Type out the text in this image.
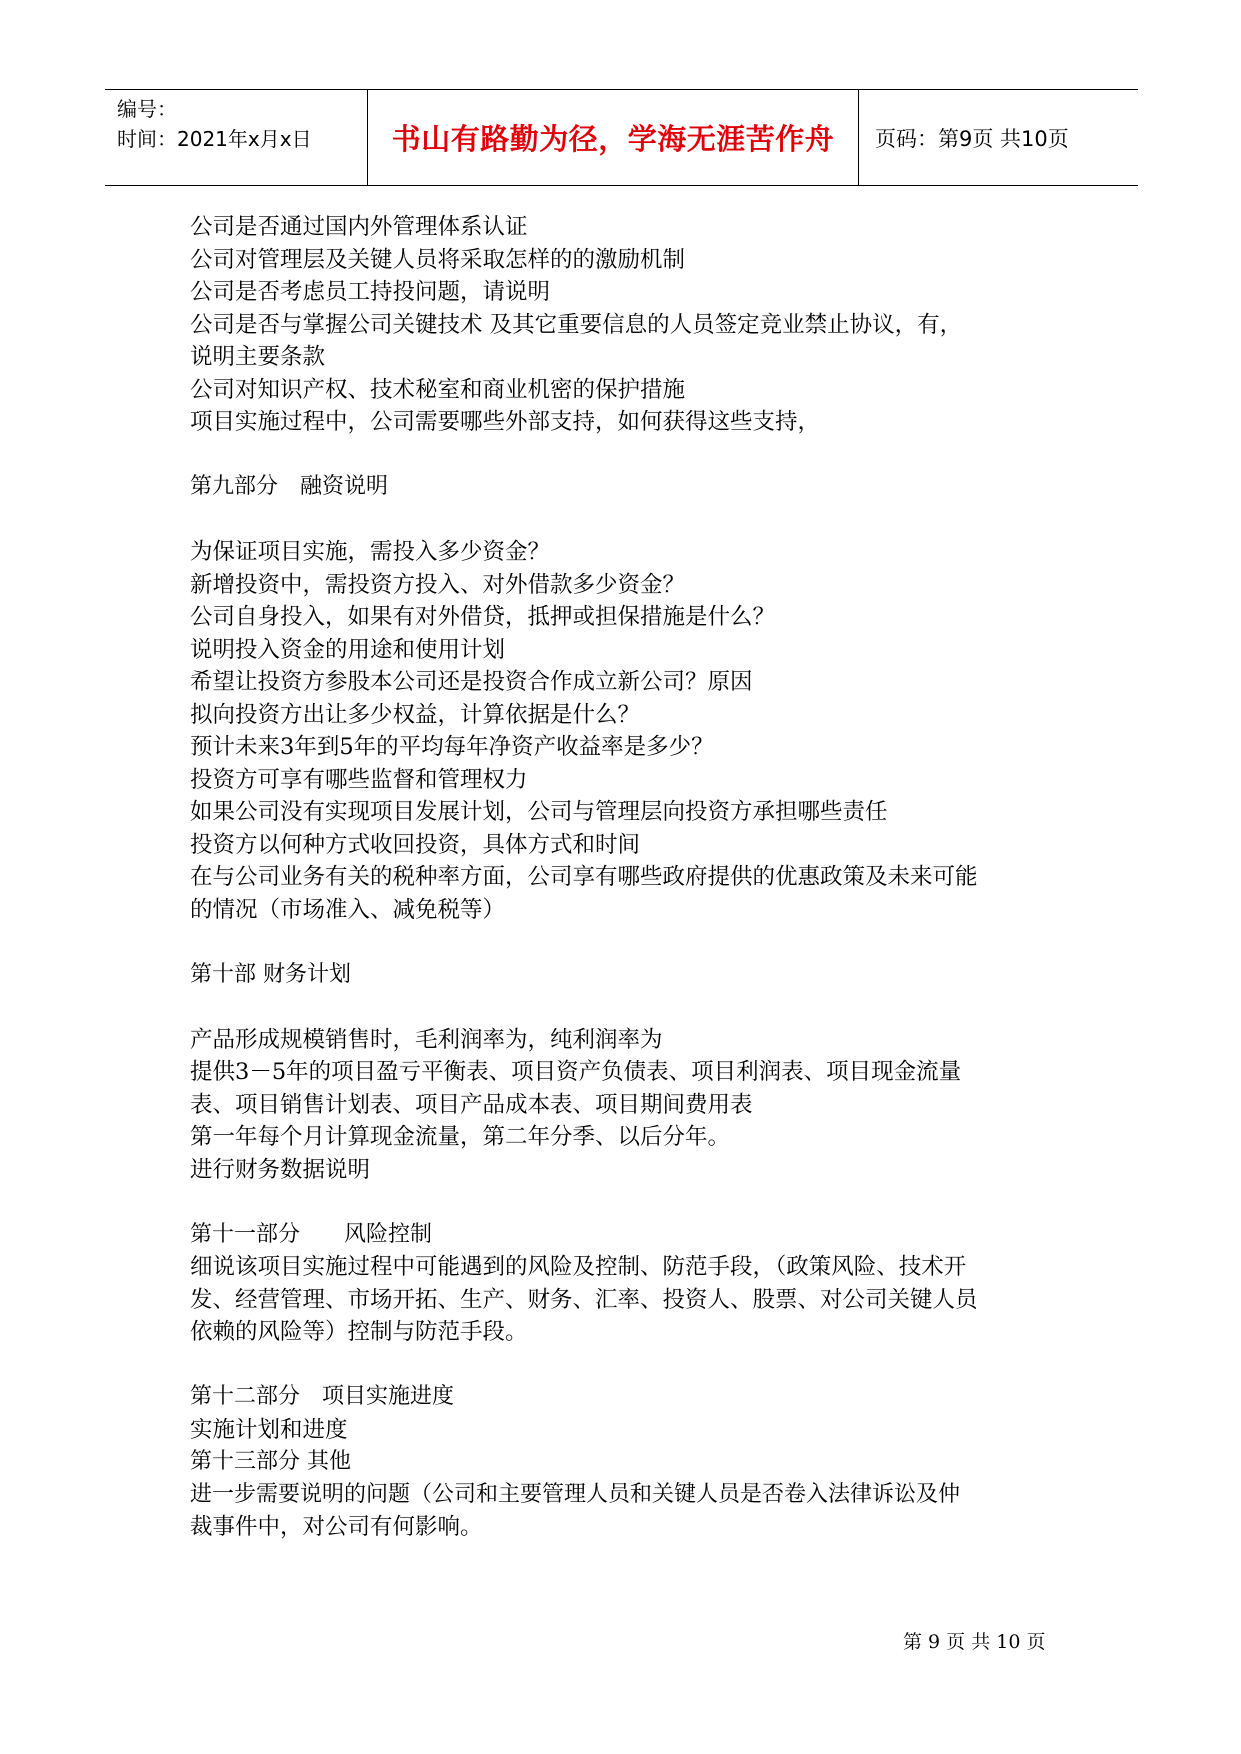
编号：
时间：2021年x月x日	书山有路勤为径，学海无涯苦作舟	页码：第9页 共10页
公司是否通过国内外管理体系认证
公司对管理层及关键人员将采取怎样的的激励机制
公司是否考虑员工持投问题，请说明
公司是否与掌握公司关键技术 及其它重要信息的人员签定竞业禁止协议，有，
说明主要条款
公司对知识产权、技术秘室和商业机密的保护措施
项目实施过程中，公司需要哪些外部支持，如何获得这些支持，
第九部分　融资说明
为保证项目实施，需投入多少资金？
新增投资中，需投资方投入、对外借款多少资金？
公司自身投入，如果有对外借贷，抵押或担保措施是什么？
说明投入资金的用途和使用计划
希望让投资方参股本公司还是投资合作成立新公司？原因
拟向投资方出让多少权益，计算依据是什么？
预计未来3年到5年的平均每年净资产收益率是多少？
投资方可享有哪些监督和管理权力
如果公司没有实现项目发展计划，公司与管理层向投资方承担哪些责任
投资方以何种方式收回投资，具体方式和时间
在与公司业务有关的税种率方面，公司享有哪些政府提供的优惠政策及未来可能
的情况（市场准入、减免税等）
第十部 财务计划
产品形成规模销售时，毛利润率为，纯利润率为
提供3－5年的项目盈亏平衡表、项目资产负债表、项目利润表、项目现金流量
表、项目销售计划表、项目产品成本表、项目期间费用表
第一年每个月计算现金流量，第二年分季、以后分年。
进行财务数据说明
第十一部分　　风险控制
细说该项目实施过程中可能遇到的风险及控制、防范手段，（政策风险、技术开
发、经营管理、市场开拓、生产、财务、汇率、投资人、股票、对公司关键人员
依赖的风险等）控制与防范手段。
第十二部分　项目实施进度
实施计划和进度
第十三部分 其他
进一步需要说明的问题（公司和主要管理人员和关键人员是否卷入法律诉讼及仲
裁事件中，对公司有何影响。
第 9 页 共 10 页
